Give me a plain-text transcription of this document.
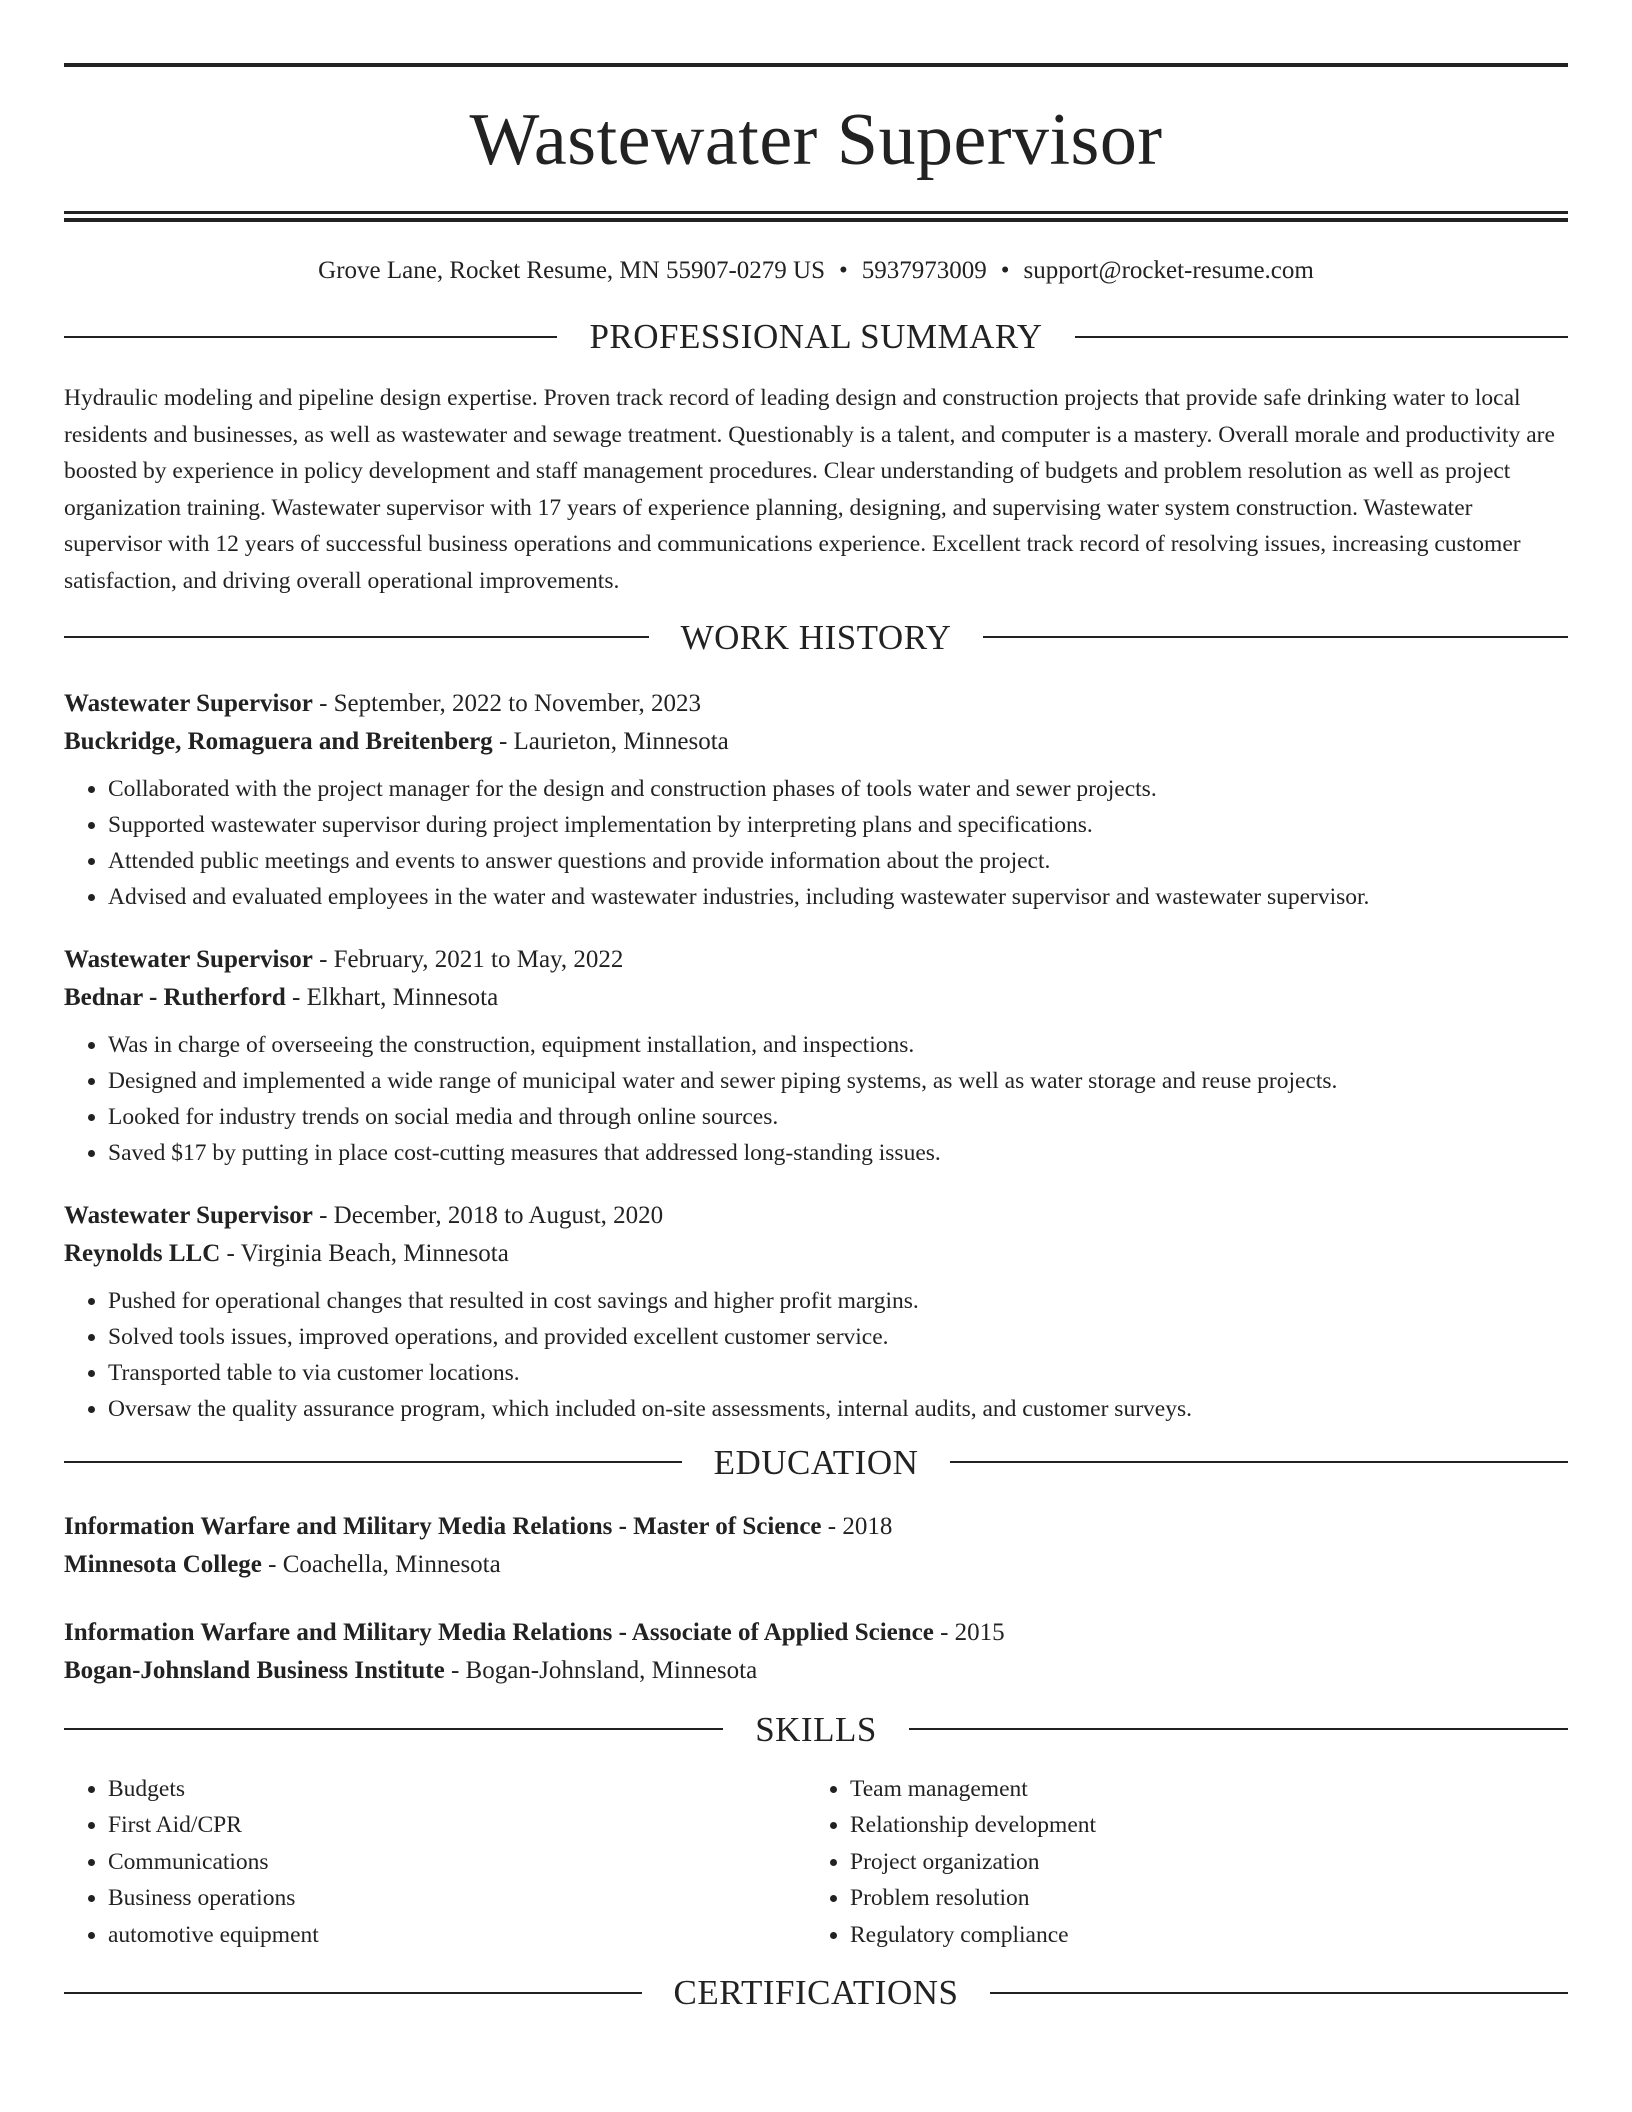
Wastewater Supervisor
Grove Lane, Rocket Resume, MN 55907-0279 US • 5937973009 • support@rocket-resume.com
PROFESSIONAL SUMMARY

Hydraulic modeling and pipeline design expertise. Proven track record of leading design and construction projects that provide safe drinking water to local residents and businesses, as well as wastewater and sewage treatment. Questionably is a talent, and computer is a mastery. Overall morale and productivity are boosted by experience in policy development and staff management procedures. Clear understanding of budgets and problem resolution as well as project organization training. Wastewater supervisor with 17 years of experience planning, designing, and supervising water system construction. Wastewater supervisor with 12 years of successful business operations and communications experience. Excellent track record of resolving issues, increasing customer satisfaction, and driving overall operational improvements.

WORK HISTORY
Wastewater Supervisor - September, 2022 to November, 2023
Buckridge, Romaguera and Breitenberg - Laurieton, Minnesota
• Collaborated with the project manager for the design and construction phases of tools water and sewer projects.
• Supported wastewater supervisor during project implementation by interpreting plans and specifications.
• Attended public meetings and events to answer questions and provide information about the project.
• Advised and evaluated employees in the water and wastewater industries, including wastewater supervisor and wastewater supervisor.
Wastewater Supervisor - February, 2021 to May, 2022
Bednar - Rutherford - Elkhart, Minnesota
• Was in charge of overseeing the construction, equipment installation, and inspections.
• Designed and implemented a wide range of municipal water and sewer piping systems, as well as water storage and reuse projects.
• Looked for industry trends on social media and through online sources.
• Saved $17 by putting in place cost-cutting measures that addressed long-standing issues.
Wastewater Supervisor - December, 2018 to August, 2020
Reynolds LLC - Virginia Beach, Minnesota
• Pushed for operational changes that resulted in cost savings and higher profit margins.
• Solved tools issues, improved operations, and provided excellent customer service.
• Transported table to via customer locations.
• Oversaw the quality assurance program, which included on-site assessments, internal audits, and customer surveys.
EDUCATION
Information Warfare and Military Media Relations - Master of Science - 2018
Minnesota College - Coachella, Minnesota
Information Warfare and Military Media Relations - Associate of Applied Science - 2015
Bogan-Johnsland Business Institute - Bogan-Johnsland, Minnesota
SKILLS
• Budgets
• First Aid/CPR
• Communications
• Business operations
• automotive equipment
• Team management
• Relationship development
• Project organization
• Problem resolution
• Regulatory compliance
CERTIFICATIONS
